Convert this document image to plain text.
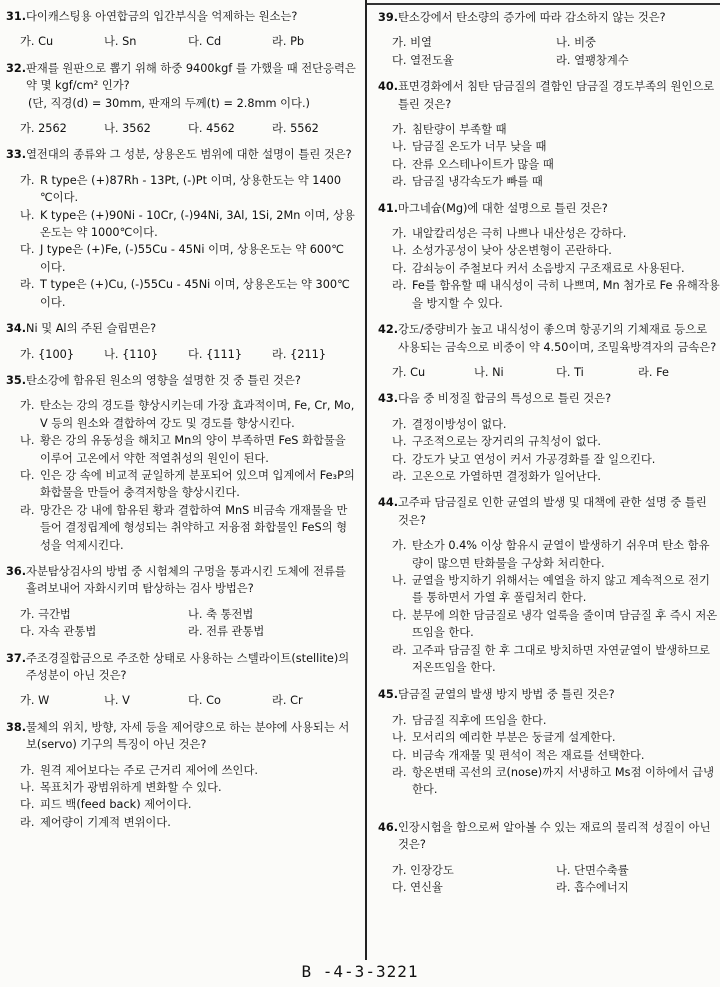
31. 다이캐스팅용 아연합금의 입간부식을 억제하는 원소는?
가. Cu	나. Sn	다. Cd	라. Pb
32. 판재를 원판으로 뽑기 위해 하중 9400kgf 를 가했을 때 전단응력은 약 몇 kgf/cm² 인가?
(단, 직경(d) = 30mm, 판재의 두께(t) = 2.8mm 이다.)
가. 2562	나. 3562	다. 4562	라. 5562
33. 열전대의 종류와 그 성분, 상용온도 범위에 대한 설명이 틀린 것은?
가. R type은 (+)87Rh - 13Pt, (-)Pt 이며, 상용한도는 약 1400 ℃이다.
나. K type은 (+)90Ni - 10Cr, (-)94Ni, 3Al, 1Si, 2Mn 이며, 상용온도는 약 1000℃이다.
다. J type은 (+)Fe, (-)55Cu - 45Ni 이며, 상용온도는 약 600℃ 이다.
라. T type은 (+)Cu, (-)55Cu - 45Ni 이며, 상용온도는 약 300℃ 이다.
34. Ni 및 Al의 주된 슬립면은?
가. {100}	나. {110}	다. {111}	라. {211}
35. 탄소강에 함유된 원소의 영향을 설명한 것 중 틀린 것은?
가. 탄소는 강의 경도를 향상시키는데 가장 효과적이며, Fe, Cr, Mo, V 등의 원소와 결합하여 강도 및 경도를 향상시킨다.
나. 황은 강의 유동성을 해치고 Mn의 양이 부족하면 FeS 화합물을 이루어 고온에서 약한 적열취성의 원인이 된다.
다. 인은 강 속에 비교적 균일하게 분포되어 있으며 입계에서 Fe₃P의 화합물을 만들어 충격저항을 향상시킨다.
라. 망간은 강 내에 함유된 황과 결합하여 MnS 비금속 개재물을 만들어 결정립계에 형성되는 취약하고 저융점 화합물인 FeS의 형성을 억제시킨다.
36. 자분탐상검사의 방법 중 시험체의 구멍을 통과시킨 도체에 전류를 흘려보내어 자화시키며 탐상하는 검사 방법은?
가. 극간법	나. 축 통전법
다. 자속 관통법	라. 전류 관통법
37. 주조경질합금으로 주조한 상태로 사용하는 스텔라이트(stellite)의 주성분이 아닌 것은?
가. W	나. V	다. Co	라. Cr
38. 물체의 위치, 방향, 자세 등을 제어량으로 하는 분야에 사용되는 서보(servo) 기구의 특징이 아닌 것은?
가. 원격 제어보다는 주로 근거리 제어에 쓰인다.
나. 목표치가 광범위하게 변화할 수 있다.
다. 피드 백(feed back) 제어이다.
라. 제어량이 기계적 변위이다.
39. 탄소강에서 탄소량의 증가에 따라 감소하지 않는 것은?
가. 비열	나. 비중
다. 열전도율	라. 열팽창계수
40. 표면경화에서 침탄 담금질의 결함인 담금질 경도부족의 원인으로 틀린 것은?
가. 침탄량이 부족할 때
나. 담금질 온도가 너무 낮을 때
다. 잔류 오스테나이트가 많을 때
라. 담금질 냉각속도가 빠를 때
41. 마그네슘(Mg)에 대한 설명으로 틀린 것은?
가. 내알칼리성은 극히 나쁘나 내산성은 강하다.
나. 소성가공성이 낮아 상온변형이 곤란하다.
다. 감쇠능이 주철보다 커서 소음방지 구조재료로 사용된다.
라. Fe를 함유할 때 내식성이 극히 나쁘며, Mn 첨가로 Fe 유해작용을 방지할 수 있다.
42. 강도/중량비가 높고 내식성이 좋으며 항공기의 기체재료 등으로 사용되는 금속으로 비중이 약 4.50이며, 조밀육방격자의 금속은?
가. Cu	나. Ni	다. Ti	라. Fe
43. 다음 중 비정질 합금의 특성으로 틀린 것은?
가. 결정이방성이 없다.
나. 구조적으로는 장거리의 규칙성이 없다.
다. 강도가 낮고 연성이 커서 가공경화를 잘 일으킨다.
라. 고온으로 가열하면 결정화가 일어난다.
44. 고주파 담금질로 인한 균열의 발생 및 대책에 관한 설명 중 틀린 것은?
가. 탄소가 0.4% 이상 함유시 균열이 발생하기 쉬우며 탄소 함유량이 많으면 탄화물을 구상화 처리한다.
나. 균열을 방지하기 위해서는 예열을 하지 않고 계속적으로 전기를 통하면서 가열 후 풀림처리 한다.
다. 분무에 의한 담금질로 냉각 얼룩을 줄이며 담금질 후 즉시 저온뜨임을 한다.
라. 고주파 담금질 한 후 그대로 방치하면 자연균열이 발생하므로 저온뜨임을 한다.
45. 담금질 균열의 발생 방지 방법 중 틀린 것은?
가. 담금질 직후에 뜨임을 한다.
나. 모서리의 예리한 부분은 둥글게 설계한다.
다. 비금속 개재물 및 편석이 적은 재료를 선택한다.
라. 항온변태 곡선의 코(nose)까지 서냉하고 Ms점 이하에서 급냉한다.
46. 인장시험을 함으로써 알아볼 수 있는 재료의 물리적 성질이 아닌 것은?
가. 인장강도	나. 단면수축률
다. 연신율	라. 흡수에너지
B -4-3-3221
